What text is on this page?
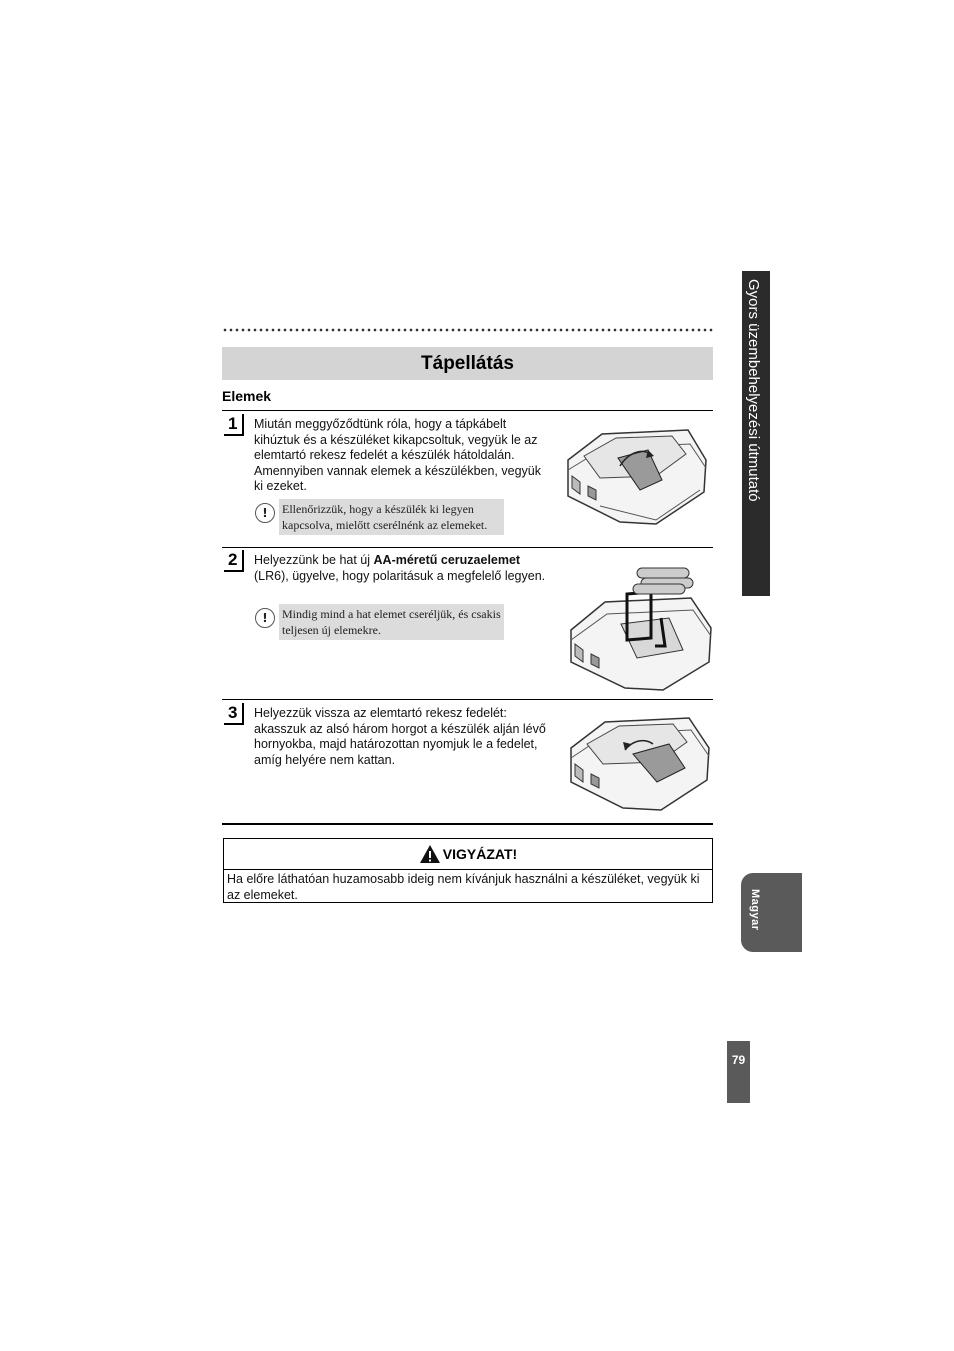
Tápellátás
Elemek
1	Miután meggyőződtünk róla, hogy a tápkábelt kihúztuk és a készüléket kikapcsoltuk, vegyük le az elemtartó rekesz fedelét a készülék hátoldalán. Amennyiben vannak elemek a készülékben, vegyük ki ezeket.
!	Ellenőrizzük, hogy a készülék ki legyen kapcsolva, mielőtt cserélnénk az elemeket.
2	Helyezzünk be hat új AA-méretű ceruzaelemet (LR6), ügyelve, hogy polaritásuk a megfelelő legyen.
!	Mindig mind a hat elemet cseréljük, és csakis teljesen új elemekre.
3	Helyezzük vissza az elemtartó rekesz fedelét: akasszuk az alsó három horgot a készülék alján lévő hornyokba, majd határozottan nyomjuk le a fedelet, amíg helyére nem kattan.
VIGYÁZAT!
Ha előre láthatóan huzamosabb ideig nem kívánjuk használni a készüléket, vegyük ki az elemeket.
Gyors üzembehelyezési útmutató
Magyar
79
